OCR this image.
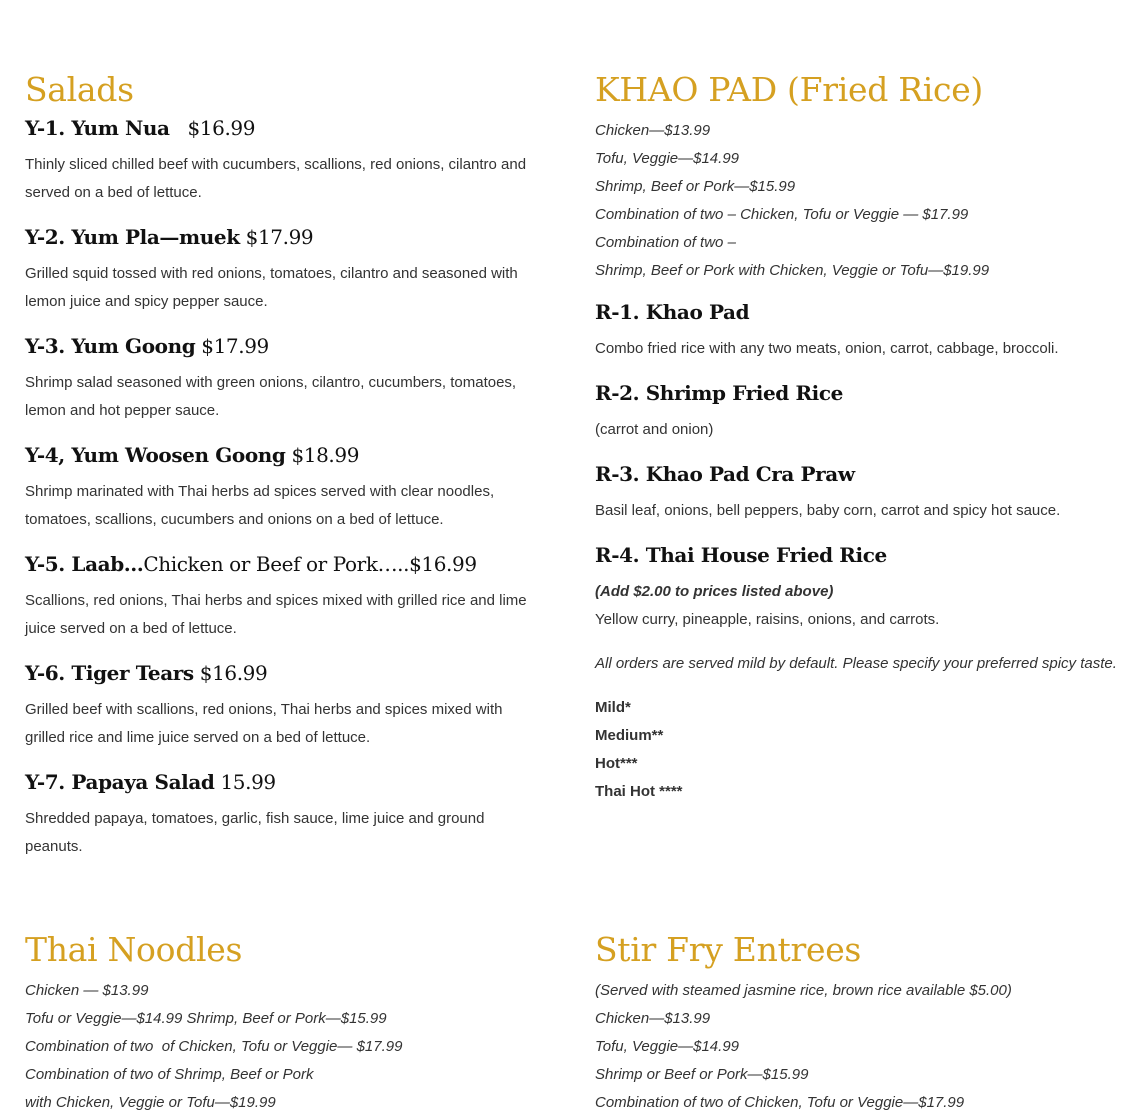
Salads
Y-1. Yum Nua   $16.99

Thinly sliced chilled beef with cucumbers, scallions, red onions, cilantro and served on a bed of lettuce.

Y-2. Yum Pla—muek $17.99

Grilled squid tossed with red onions, tomatoes, cilantro and seasoned with lemon juice and spicy pepper sauce.

Y-3. Yum Goong $17.99

Shrimp salad seasoned with green onions, cilantro, cucumbers, tomatoes, lemon and hot pepper sauce.

Y-4, Yum Woosen Goong $18.99

Shrimp marinated with Thai herbs ad spices served with clear noodles, tomatoes, scallions, cucumbers and onions on a bed of lettuce.

Y-5. Laab…Chicken or Beef or Pork…..$16.99

Scallions, red onions, Thai herbs and spices mixed with grilled rice and lime juice served on a bed of lettuce.

Y-6. Tiger Tears $16.99

Grilled beef with scallions, red onions, Thai herbs and spices mixed with grilled rice and lime juice served on a bed of lettuce.

Y-7. Papaya Salad 15.99

Shredded papaya, tomatoes, garlic, fish sauce, lime juice and ground peanuts.

KHAO PAD (Fried Rice)
Chicken—$13.99
Tofu, Veggie—$14.99
Shrimp, Beef or Pork—$15.99
Combination of two – Chicken, Tofu or Veggie — $17.99
Combination of two –
Shrimp, Beef or Pork with Chicken, Veggie or Tofu—$19.99
R-1. Khao Pad

Combo fried rice with any two meats, onion, carrot, cabbage, broccoli.

R-2. Shrimp Fried Rice

(carrot and onion)

R-3. Khao Pad Cra Praw

Basil leaf, onions, bell peppers, baby corn, carrot and spicy hot sauce.

R-4. Thai House Fried Rice
(Add $2.00 to prices listed above)
Yellow curry, pineapple, raisins, onions, and carrots.
All orders are served mild by default. Please specify your preferred spicy taste.
Mild*
Medium**
Hot***
Thai Hot ****
Thai Noodles
Chicken — $13.99
Tofu or Veggie—$14.99 Shrimp, Beef or Pork—$15.99
Combination of two  of Chicken, Tofu or Veggie— $17.99
Combination of two of Shrimp, Beef or Pork
with Chicken, Veggie or Tofu—$19.99
Stir Fry Entrees
(Served with steamed jasmine rice, brown rice available $5.00)
Chicken—$13.99
Tofu, Veggie—$14.99
Shrimp or Beef or Pork—$15.99
Combination of two of Chicken, Tofu or Veggie—$17.99
